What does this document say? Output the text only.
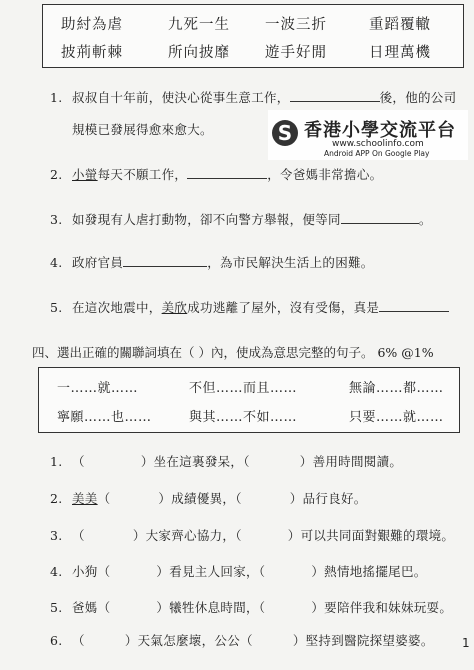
助紂為虐	九死一生 一波三折	重蹈覆轍
披荊斬棘	所向披靡 遊手好閒	日理萬機
1. 叔叔自十年前，使決心從事生意工作，	後，他的公司
規模已發展得愈來愈大。
2. 小螢每天不願工作，	，令爸媽非常擔心。
3. 如發現有人虐打動物，卻不向警方舉報，便等同	。
4. 政府官員	，為市民解決生活上的困難。
5. 在這次地震中，美欣成功逃離了屋外，沒有受傷，真是
四、選出正確的關聯詞填在（ ）內，使成為意思完整的句子。 6% @1%
一……就……	不但……而且……	無論……都……
寧願……也……	與其……不如……	只要……就……
1. （	）坐在這裏發呆，（	）善用時間閱讀。
2. 美美（	）成績優異，（	）品行良好。
3. （	）大家齊心協力，（	）可以共同面對艱難的環境。
4. 小狗（	）看見主人回家，（	）熱情地搖擺尾巴。
5. 爸媽（	）犧牲休息時間，（	）要陪伴我和妹妹玩耍。
6. （	）天氣怎麼壞，公公（	）堅持到醫院探望婆婆。
S 香港小學交流平台
www.schoolinfo.com
Android APP On Google Play
1
